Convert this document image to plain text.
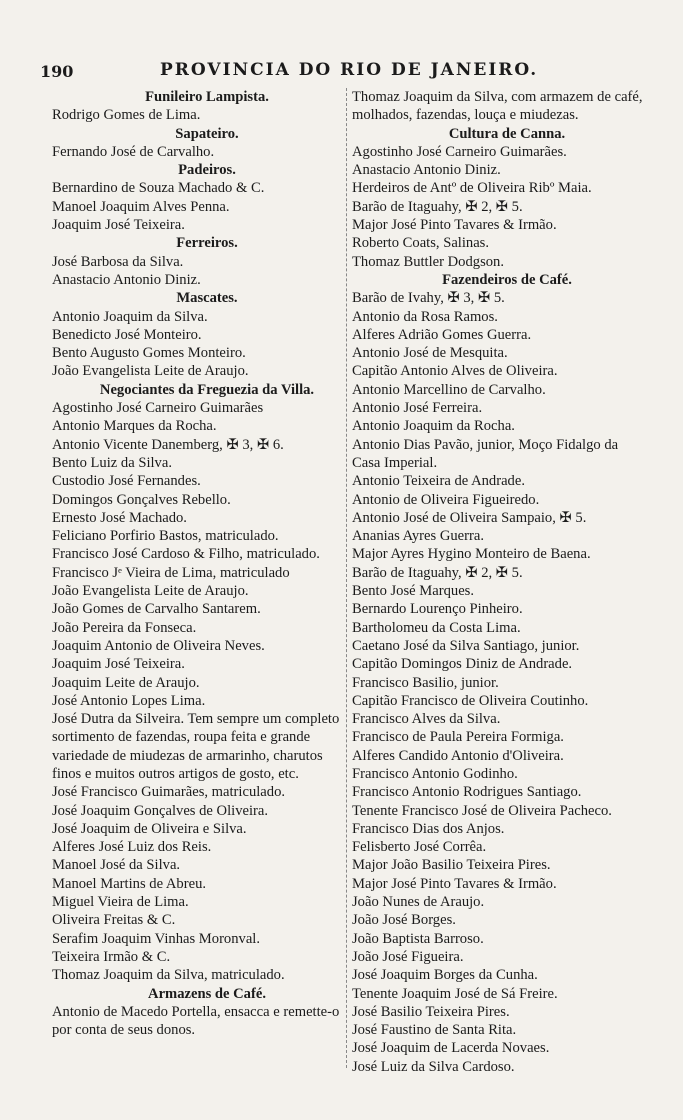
190	PROVINCIA DO RIO DE JANEIRO.
Funileiro Lampista.
Rodrigo Gomes de Lima.
Sapateiro.
Fernando José de Carvalho.
Padeiros.
Bernardino de Souza Machado & C.
Manoel Joaquim Alves Penna.
Joaquim José Teixeira.
Ferreiros.
José Barbosa da Silva.
Anastacio Antonio Diniz.
Mascates.
Antonio Joaquim da Silva.
Benedicto José Monteiro.
Bento Augusto Gomes Monteiro.
João Evangelista Leite de Araujo.
Negociantes da Freguezia da Villa.
Agostinho José Carneiro Guimarães
Antonio Marques da Rocha.
Antonio Vicente Danemberg, ✠ 3, ✠ 6.
Bento Luiz da Silva.
Custodio José Fernandes.
Domingos Gonçalves Rebello.
Ernesto José Machado.
Feliciano Porfirio Bastos, matriculado.
Francisco José Cardoso & Filho, matriculado.
Francisco Jᵉ Vieira de Lima, matriculado
João Evangelista Leite de Araujo.
João Gomes de Carvalho Santarem.
João Pereira da Fonseca.
Joaquim Antonio de Oliveira Neves.
Joaquim José Teixeira.
Joaquim Leite de Araujo.
José Antonio Lopes Lima.
José Dutra da Silveira. Tem sempre um completo sortimento de fazendas, roupa feita e grande variedade de miudezas de armarinho, charutos finos e muitos outros artigos de gosto, etc.
José Francisco Guimarães, matriculado.
José Joaquim Gonçalves de Oliveira.
José Joaquim de Oliveira e Silva.
Alferes José Luiz dos Reis.
Manoel José da Silva.
Manoel Martins de Abreu.
Miguel Vieira de Lima.
Oliveira Freitas & C.
Serafim Joaquim Vinhas Moronval.
Teixeira Irmão & C.
Thomaz Joaquim da Silva, matriculado.
Armazens de Café.
Antonio de Macedo Portella, ensacca e remette-o por conta de seus donos.
Thomaz Joaquim da Silva, com armazem de café, molhados, fazendas, louça e miudezas.
Cultura de Canna.
Agostinho José Carneiro Guimarães.
Anastacio Antonio Diniz.
Herdeiros de Antº de Oliveira Ribº Maia.
Barão de Itaguahy, ✠ 2, ✠ 5.
Major José Pinto Tavares & Irmão.
Roberto Coats, Salinas.
Thomaz Buttler Dodgson.
Fazendeiros de Café.
Barão de Ivahy, ✠ 3, ✠ 5.
Antonio da Rosa Ramos.
Alferes Adrião Gomes Guerra.
Antonio José de Mesquita.
Capitão Antonio Alves de Oliveira.
Antonio Marcellino de Carvalho.
Antonio José Ferreira.
Antonio Joaquim da Rocha.
Antonio Dias Pavão, junior, Moço Fidalgo da Casa Imperial.
Antonio Teixeira de Andrade.
Antonio de Oliveira Figueiredo.
Antonio José de Oliveira Sampaio, ✠ 5.
Ananias Ayres Guerra.
Major Ayres Hygino Monteiro de Baena.
Barão de Itaguahy, ✠ 2, ✠ 5.
Bento José Marques.
Bernardo Lourenço Pinheiro.
Bartholomeu da Costa Lima.
Caetano José da Silva Santiago, junior.
Capitão Domingos Diniz de Andrade.
Francisco Basilio, junior.
Capitão Francisco de Oliveira Coutinho.
Francisco Alves da Silva.
Francisco de Paula Pereira Formiga.
Alferes Candido Antonio d'Oliveira.
Francisco Antonio Godinho.
Francisco Antonio Rodrigues Santiago.
Tenente Francisco José de Oliveira Pacheco.
Francisco Dias dos Anjos.
Felisberto José Corrêa.
Major João Basilio Teixeira Pires.
Major José Pinto Tavares & Irmão.
João Nunes de Araujo.
João José Borges.
João Baptista Barroso.
João José Figueira.
José Joaquim Borges da Cunha.
Tenente Joaquim José de Sá Freire.
José Basilio Teixeira Pires.
José Faustino de Santa Rita.
José Joaquim de Lacerda Novaes.
José Luiz da Silva Cardoso.
